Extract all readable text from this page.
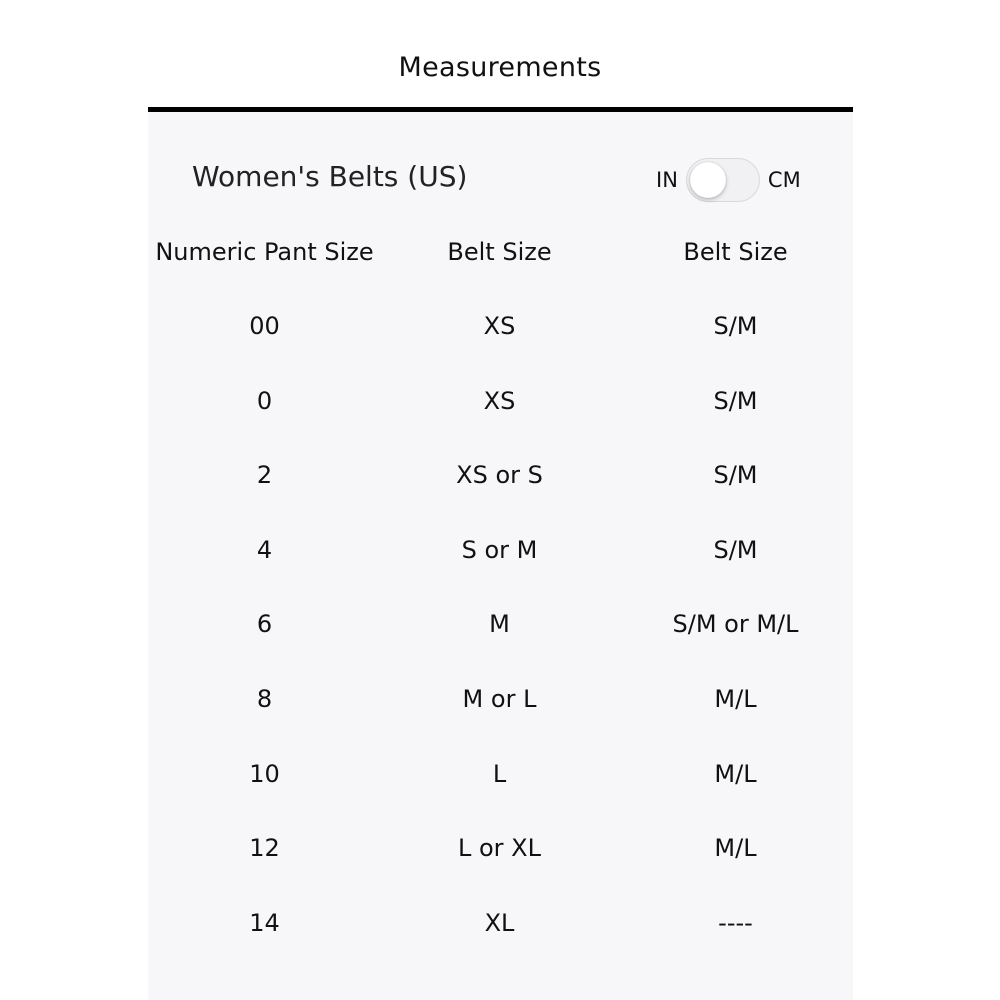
Measurements
Women's Belts (US)	IN	CM
Numeric Pant Size	Belt Size	Belt Size
00	XS	S/M
0	XS	S/M
2	XS or S	S/M
4	S or M	S/M
6	M	S/M or M/L
8	M or L	M/L
10	L	M/L
12	L or XL	M/L
14	XL	----
